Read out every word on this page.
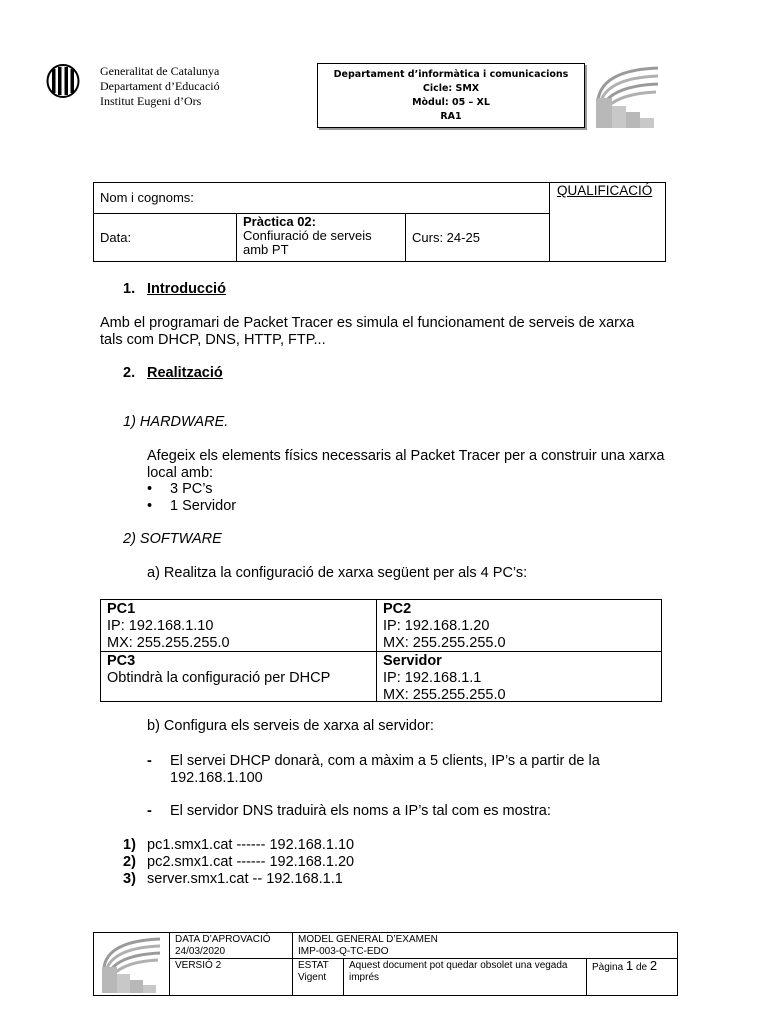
Generalitat de Catalunya
Departament d’Educació
Institut Eugeni d’Ors
Departament d’informàtica i comunicacions
Cicle: SMX
Mòdul: 05 – XL
RA1
Nom i cognoms:	QUALIFICACIÓ
Data:
Pràctica 02:
Confiuració de serveis amb PT
Curs: 24-25
1. Introducció
Amb el programari de Packet Tracer es simula el funcionament de serveis de xarxa tals com DHCP, DNS, HTTP, FTP...
2. Realització
1) HARDWARE.
Afegeix els elements físics necessaris al Packet Tracer per a construir una xarxa local amb:
• 3 PC’s
• 1 Servidor
2) SOFTWARE
a) Realitza la configuració de xarxa següent per als 4 PC’s:
PC1
IP: 192.168.1.10
MX: 255.255.255.0
PC2
IP: 192.168.1.20
MX: 255.255.255.0
PC3
Obtindrà la configuració per DHCP
Servidor
IP: 192.168.1.1
MX: 255.255.255.0
b) Configura els serveis de xarxa al servidor:
- El servei DHCP donarà, com a màxim a 5 clients, IP’s a partir de la 192.168.1.100
- El servidor DNS traduirà els noms a IP’s tal com es mostra:
1) pc1.smx1.cat ------ 192.168.1.10
2) pc2.smx1.cat ------ 192.168.1.20
3) server.smx1.cat -- 192.168.1.1
DATA D’APROVACIÓ
24/03/2020
MODEL GENERAL D’EXAMEN
IMP-003-Q-TC-EDO
VERSIÓ 2	ESTAT
Vigent
Aquest document pot quedar obsolet una vegada imprés
Pàgina 1 de 2
